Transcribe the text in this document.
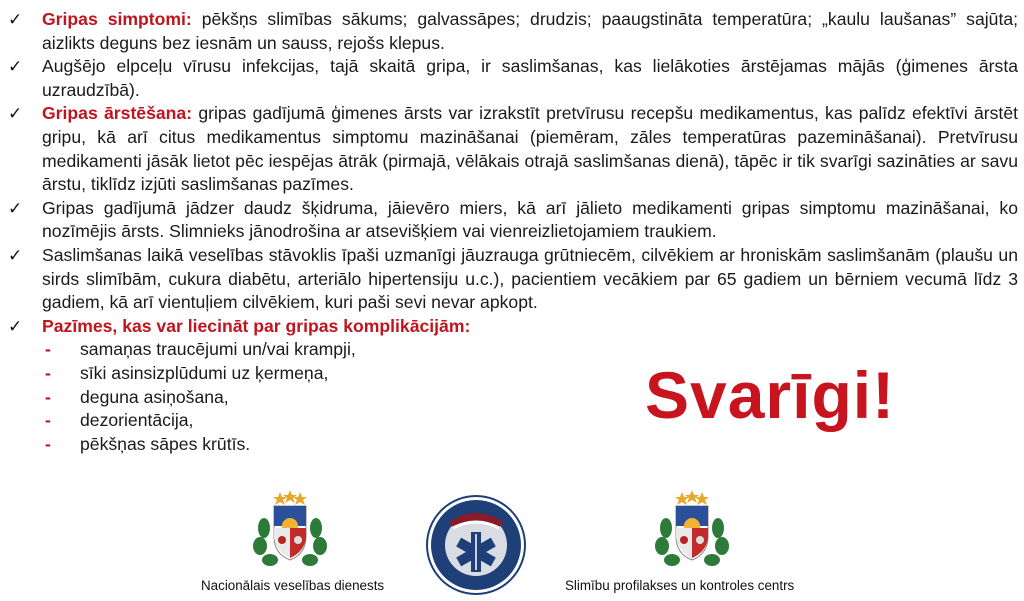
✓ Gripas simptomi: pēkšņs slimības sākums; galvassāpes; drudzis; paaugstināta temperatūra; „kaulu laušanas” sajūta; aizlikts deguns bez iesnām un sauss, rejošs klepus.
✓ Augšējo elpceļu vīrusu infekcijas, tajā skaitā gripa, ir saslimšanas, kas lielākoties ārstējamas mājās (ģimenes ārsta uzraudzībā).
✓ Gripas ārstēšana: gripas gadījumā ģimenes ārsts var izrakstīt pretvīrusu recepšu medikamentus, kas palīdz efektīvi ārstēt gripu, kā arī citus medikamentus simptomu mazināšanai (piemēram, zāles temperatūras pazemināšanai). Pretvīrusu medikamenti jāsāk lietot pēc iespējas ātrāk (pirmajā, vēlākais otrajā saslimšanas dienā), tāpēc ir tik svarīgi sazināties ar savu ārstu, tiklīdz izjūti saslimšanas pazīmes.
✓ Gripas gadījumā jādzer daudz šķidruma, jāievēro miers, kā arī jālieto medikamenti gripas simptomu mazināšanai, ko nozīmējis ārsts. Slimnieks jānodrošina ar atsevišķiem vai vienreizlietojamiem traukiem.
✓ Saslimšanas laikā veselības stāvoklis īpaši uzmanīgi jāuzrauga grūtniecēm, cilvēkiem ar hroniskām saslimšanām (plaušu un sirds slimībām, cukura diabētu, arteriālo hipertensiju u.c.), pacientiem vecākiem par 65 gadiem un bērniem vecumā līdz 3 gadiem, kā arī vientuļiem cilvēkiem, kuri paši sevi nevar apkopt.
✓ Pazīmes, kas var liecināt par gripas komplikācijām:
- samaņas traucējumi un/vai krampji,
- sīki asinsizplūdumi uz ķermeņa,
- deguna asiņošana,
- dezorientācija,
- pēkšņas sāpes krūtīs.
Svarīgi!
Nacionālais veselības dienests	Slimību profilakses un kontroles centrs
